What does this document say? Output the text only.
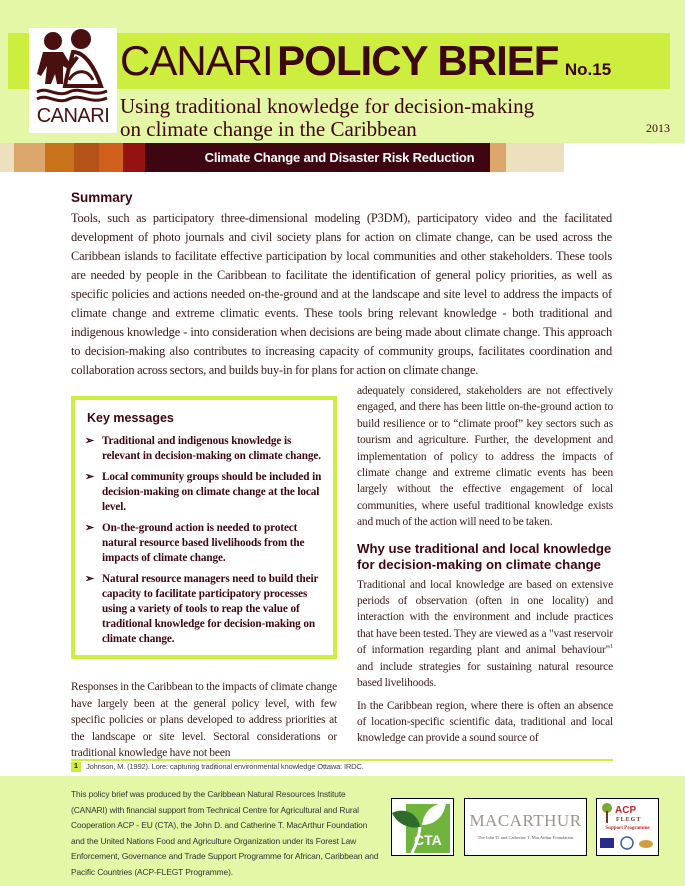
CANARI
CANARI POLICY BRIEF No.15
Using traditional knowledge for decision-making
on climate change in the Caribbean	2013
Climate Change and Disaster Risk Reduction
Summary

Tools, such as participatory three-dimensional modeling (P3DM), participatory video and the facilitated development of photo journals and civil society plans for action on climate change, can be used across the Caribbean islands to facilitate effective participation by local communities and other stakeholders. These tools are needed by people in the Caribbean to facilitate the identification of general policy priorities, as well as specific policies and actions needed on-the-ground and at the landscape and site level to address the impacts of climate change and extreme climatic events. These tools bring relevant knowledge - both traditional and indigenous knowledge - into consideration when decisions are being made about climate change. This approach to decision-making also contributes to increasing capacity of community groups, facilitates coordination and collaboration across sectors, and builds buy-in for plans for action on climate change.

Key messages
➢ Traditional and indigenous knowledge is relevant in decision-making on climate change.
➢ Local community groups should be included in decision-making on climate change at the local level.
➢ On-the-ground action is needed to protect natural resource based livelihoods from the impacts of climate change.
➢ Natural resource managers need to build their capacity to facilitate participatory processes using a variety of tools to reap the value of traditional knowledge for decision-making on climate change.

Responses in the Caribbean to the impacts of climate change have largely been at the general policy level, with few specific policies or plans developed to address priorities at the landscape or site level. Sectoral considerations or traditional knowledge have not been

adequately considered, stakeholders are not effectively engaged, and there has been little on-the-ground action to build resilience or to “climate proof” key sectors such as tourism and agriculture. Further, the development and implementation of policy to address the impacts of climate change and extreme climatic events has been largely without the effective engagement of local communities, where useful traditional knowledge exists and much of the action will need to be taken.

Why use traditional and local knowledge for decision-making on climate change

Traditional and local knowledge are based on extensive periods of observation (often in one locality) and interaction with the environment and include practices that have been tested. They are viewed as a "vast reservoir of information regarding plant and animal behaviour"$^1$ and include strategies for sustaining natural resource based livelihoods.

In the Caribbean region, where there is often an absence of location-specific scientific data, traditional and local knowledge can provide a sound source of

1	Johnson, M. (1992). Lore: capturing traditional environmental knowledge Ottawa: IRDC.

This policy brief was produced by the Caribbean Natural Resources Institute (CANARI) with financial support from Technical Centre for Agricultural and Rural Cooperation ACP - EU (CTA), the John D. and Catherine T. MacArthur Foundation and the United Nations Food and Agriculture Organization under its Forest Law Enforcement, Governance and Trade Support Programme for African, Caribbean and Pacific Countries (ACP-FLEGT Programme).

CTA
MACARTHUR
The John D. and Catherine T. MacArthur Foundation
ACP
FLEGT
Support Programme
